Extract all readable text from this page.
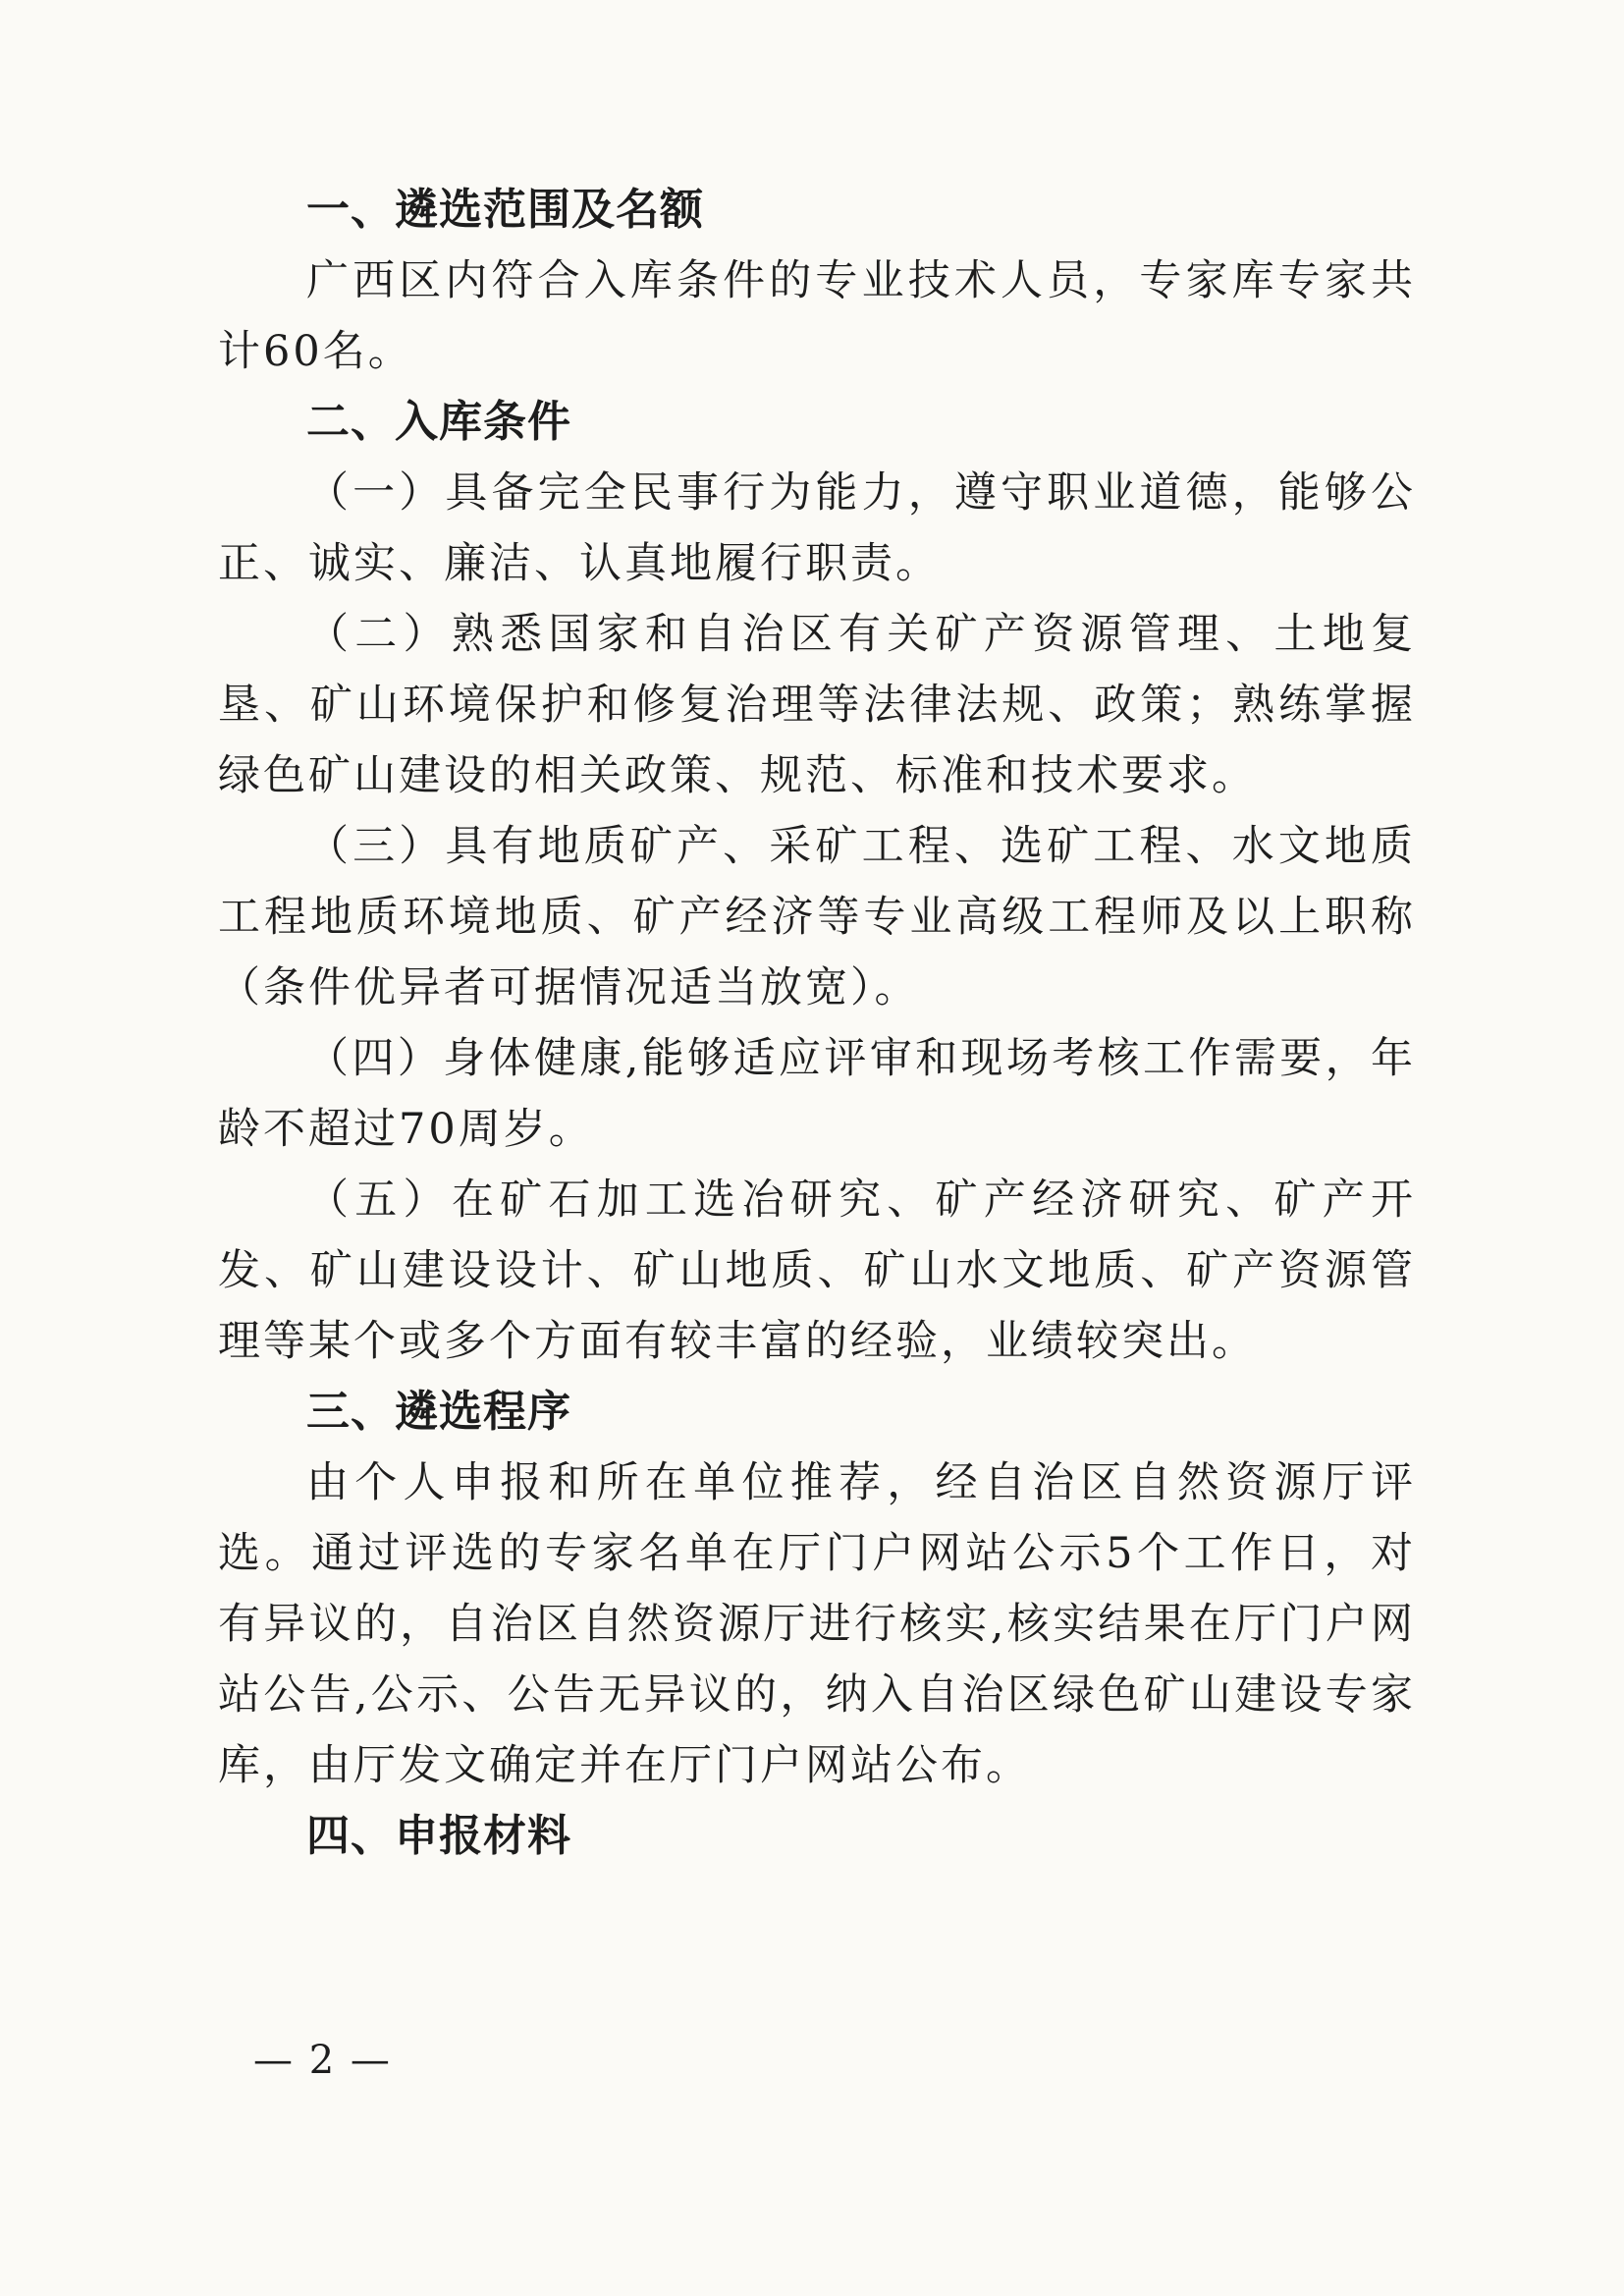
一、遴选范围及名额

广西区内符合入库条件的专业技术人员，专家库专家共计60名。

二、入库条件

（一）具备完全民事行为能力，遵守职业道德，能够公正、诚实、廉洁、认真地履行职责。

（二）熟悉国家和自治区有关矿产资源管理、土地复垦、矿山环境保护和修复治理等法律法规、政策；熟练掌握绿色矿山建设的相关政策、规范、标准和技术要求。

（三）具有地质矿产、采矿工程、选矿工程、水文地质工程地质环境地质、矿产经济等专业高级工程师及以上职称（条件优异者可据情况适当放宽）。

（四）身体健康,能够适应评审和现场考核工作需要，年龄不超过70周岁。

（五）在矿石加工选冶研究、矿产经济研究、矿产开发、矿山建设设计、矿山地质、矿山水文地质、矿产资源管理等某个或多个方面有较丰富的经验，业绩较突出。

三、遴选程序

由个人申报和所在单位推荐，经自治区自然资源厅评选。通过评选的专家名单在厅门户网站公示5个工作日，对有异议的，自治区自然资源厅进行核实,核实结果在厅门户网站公告,公示、公告无异议的，纳入自治区绿色矿山建设专家库，由厅发文确定并在厅门户网站公布。

四、申报材料
— 2 —
